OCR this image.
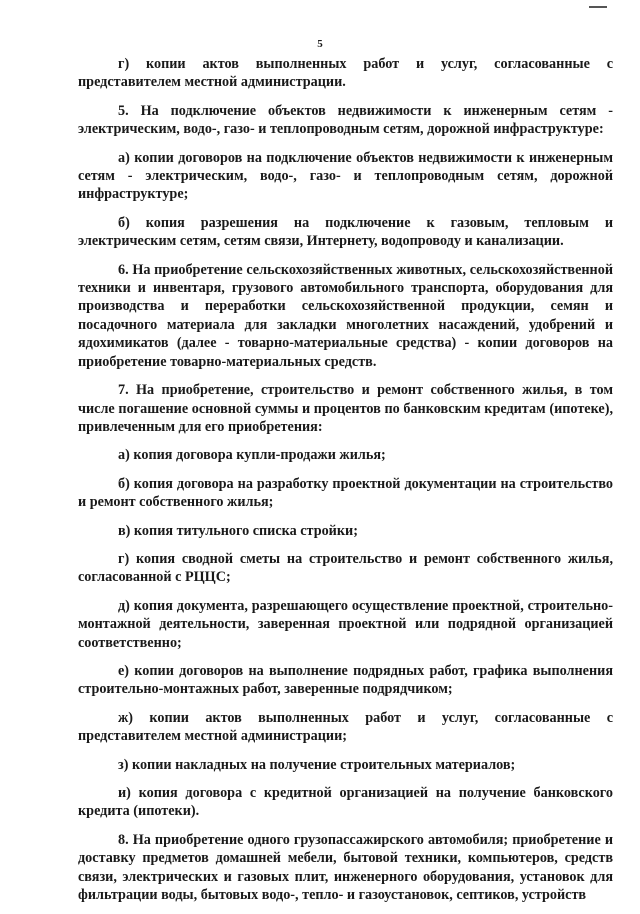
5

г) копии актов выполненных работ и услуг, согласованные с представителем местной администрации.

5. На подключение объектов недвижимости к инженерным сетям - электрическим, водо-, газо- и теплопроводным сетям, дорожной инфраструктуре:

а) копии договоров на подключение объектов недвижимости к инженерным сетям - электрическим, водо-, газо- и теплопроводным сетям, дорожной инфраструктуре;

б) копия разрешения на подключение к газовым, тепловым и электрическим сетям, сетям связи, Интернету, водопроводу и канализации.

6. На приобретение сельскохозяйственных животных, сельскохозяйственной техники и инвентаря, грузового автомобильного транспорта, оборудования для производства и переработки сельскохозяйственной продукции, семян и посадочного материала для закладки многолетних насаждений, удобрений и ядохимикатов (далее - товарно-материальные средства) - копии договоров на приобретение товарно-материальных средств.

7. На приобретение, строительство и ремонт собственного жилья, в том числе погашение основной суммы и процентов по банковским кредитам (ипотеке), привлеченным для его приобретения:

а) копия договора купли-продажи жилья;

б) копия договора на разработку проектной документации на строительство и ремонт собственного жилья;

в) копия титульного списка стройки;

г) копия сводной сметы на строительство и ремонт собственного жилья, согласованной с РЦЦС;

д) копия документа, разрешающего осуществление проектной, строительно-монтажной деятельности, заверенная проектной или подрядной организацией соответственно;

е) копии договоров на выполнение подрядных работ, графика выполнения строительно-монтажных работ, заверенные подрядчиком;

ж) копии актов выполненных работ и услуг, согласованные с представителем местной администрации;

з) копии накладных на получение строительных материалов;

и) копия договора с кредитной организацией на получение банковского кредита (ипотеки).

8. На приобретение одного грузопассажирского автомобиля; приобретение и доставку предметов домашней мебели, бытовой техники, компьютеров, средств связи, электрических и газовых плит, инженерного оборудования, установок для фильтрации воды, бытовых водо-, тепло- и газоустановок, септиков, устройств
